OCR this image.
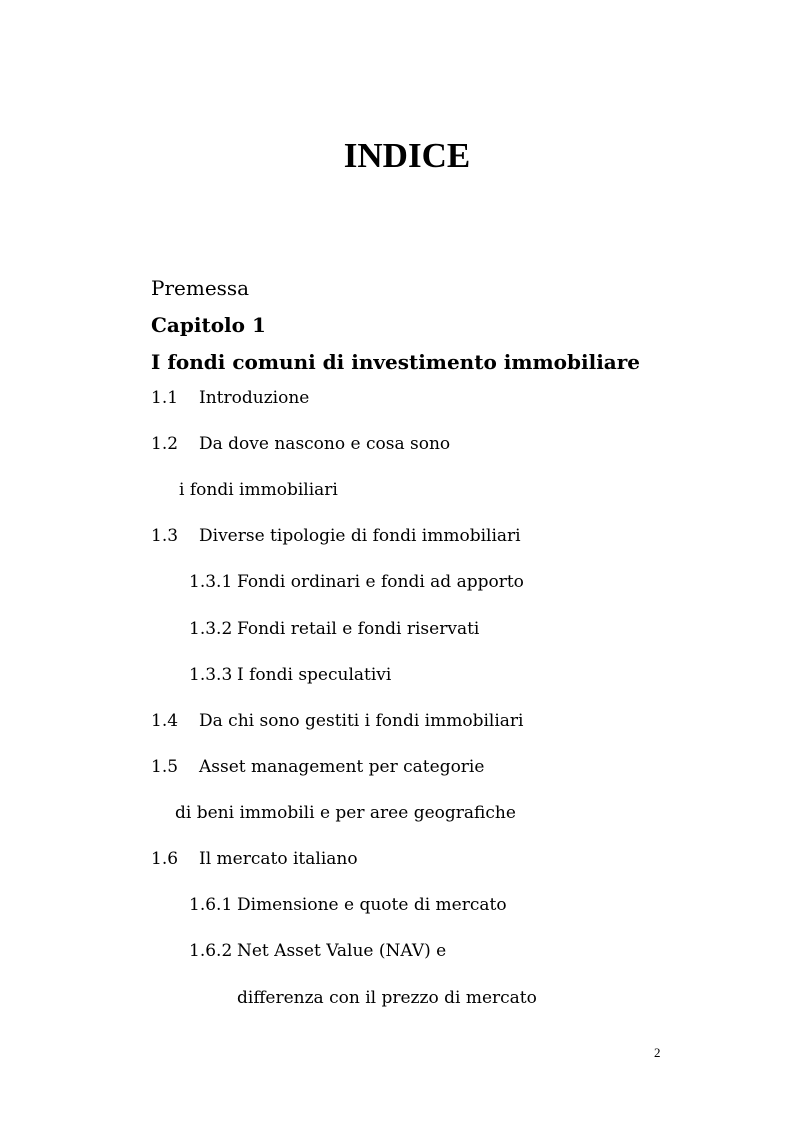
INDICE
Premessa
Capitolo 1
I fondi comuni di investimento immobiliare
1.1 Introduzione
1.2 Da dove nascono e cosa sono
i fondi immobiliari
1.3 Diverse tipologie di fondi immobiliari
1.3.1 Fondi ordinari e fondi ad apporto
1.3.2 Fondi retail e fondi riservati
1.3.3 I fondi speculativi
1.4 Da chi sono gestiti i fondi immobiliari
1.5 Asset management per categorie
di beni immobili e per aree geografiche
1.6 Il mercato italiano
1.6.1 Dimensione e quote di mercato
1.6.2 Net Asset Value (NAV) e
differenza con il prezzo di mercato
2
